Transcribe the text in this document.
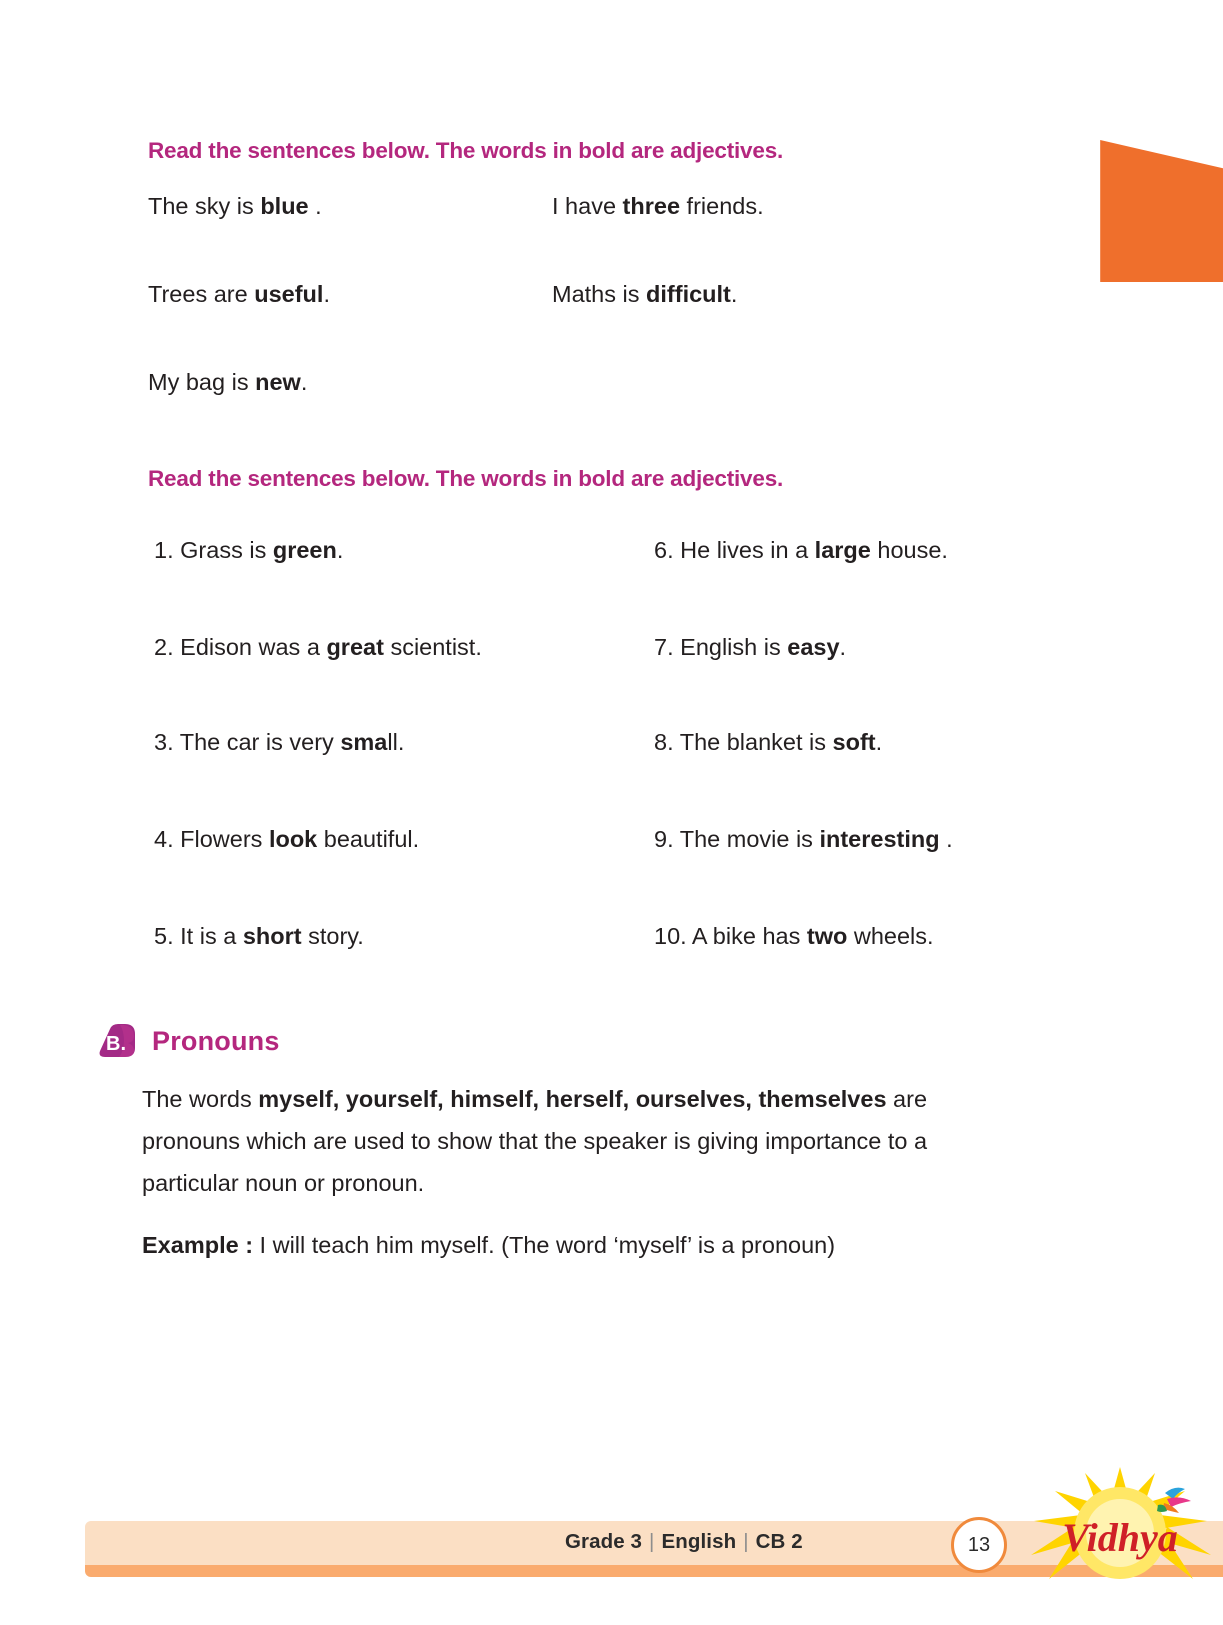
Read the sentences below. The words in bold are adjectives.
The sky is blue .	I have three friends.
Trees are useful.	Maths is difficult.
My bag is new.
Read the sentences below. The words in bold are adjectives.
1. Grass is green.	6. He lives in a large house.
2. Edison was a great scientist.	7. English is easy.
3. The car is very small.	8. The blanket is soft.
4. Flowers look beautiful.	9. The movie is interesting .
5. It is a short story.	10. A bike has two wheels.
B. Pronouns

The words myself, yourself, himself, herself, ourselves, themselves are pronouns which are used to show that the speaker is giving importance to a particular noun or pronoun.

Example : I will teach him myself. (The word ‘myself’ is a pronoun)

Grade 3 | English | CB 2	13	Vidhya
